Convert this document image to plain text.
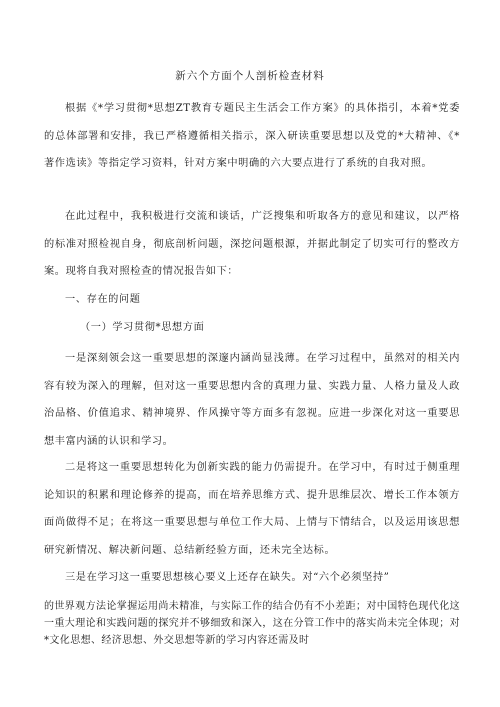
新六个方面个人剖析检查材料
根据《*学习贯彻*思想ZT教育专题民主生活会工作方案》的具体指引，本着*党委的总体部署和安排，我已严格遵循相关指示，深入研读重要思想以及党的*大精神、《*著作选读》等指定学习资料，针对方案中明确的六大要点进行了系统的自我对照。
在此过程中，我积极进行交流和谈话，广泛搜集和听取各方的意见和建议，以严格的标准对照检视自身，彻底剖析问题，深挖问题根源，并据此制定了切实可行的整改方案。现将自我对照检查的情况报告如下：
一、存在的问题
（一）学习贯彻*思想方面
一是深刻领会这一重要思想的深邃内涵尚显浅薄。在学习过程中，虽然对的相关内容有较为深入的理解，但对这一重要思想内含的真理力量、实践力量、人格力量及人政治品格、价值追求、精神境界、作风操守等方面多有忽视。应进一步深化对这一重要思想丰富内涵的认识和学习。
二是将这一重要思想转化为创新实践的能力仍需提升。在学习中，有时过于侧重理论知识的积累和理论修养的提高，而在培养思维方式、提升思维层次、增长工作本领方面尚做得不足；在将这一重要思想与单位工作大局、上情与下情结合，以及运用该思想研究新情况、解决新问题、总结新经验方面，还未完全达标。
三是在学习这一重要思想核心要义上还存在缺失。对“六个必须坚持”
的世界观方法论掌握运用尚未精准，与实际工作的结合仍有不小差距；对中国特色现代化这一重大理论和实践问题的探究并不够细致和深入，这在分管工作中的落实尚未完全体现；对*文化思想、经济思想、外交思想等新的学习内容还需及时
